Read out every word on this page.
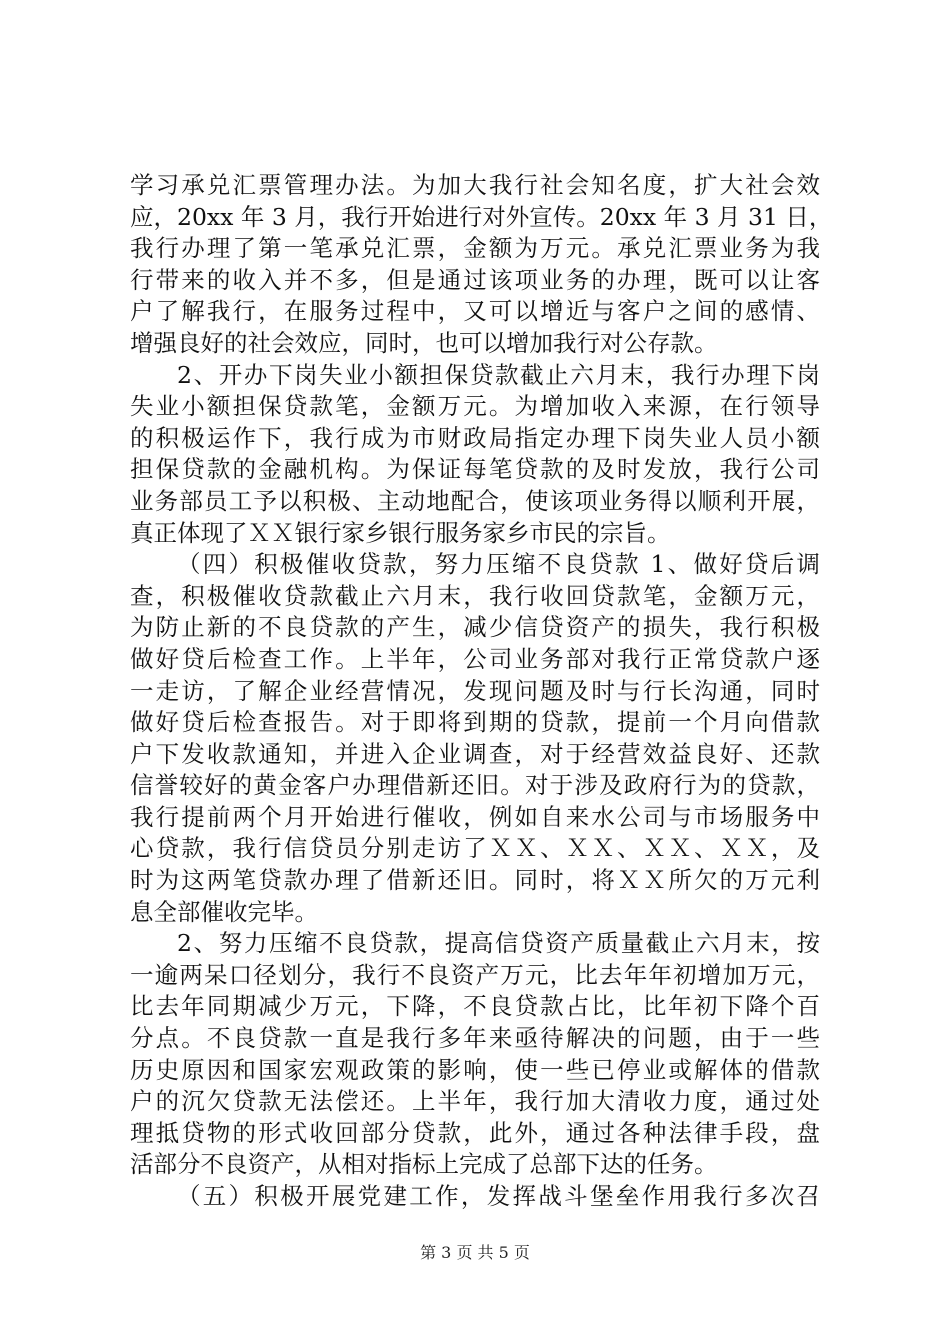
学习承兑汇票管理办法。为加大我行社会知名度，扩大社会效
应，20xx 年 3 月，我行开始进行对外宣传。20xx 年 3 月 31 日，
我行办理了第一笔承兑汇票，金额为万元。承兑汇票业务为我
行带来的收入并不多，但是通过该项业务的办理，既可以让客
户了解我行，在服务过程中，又可以增近与客户之间的感情、
增强良好的社会效应，同时，也可以增加我行对公存款。
2、开办下岗失业小额担保贷款截止六月末，我行办理下岗
失业小额担保贷款笔，金额万元。为增加收入来源，在行领导
的积极运作下，我行成为市财政局指定办理下岗失业人员小额
担保贷款的金融机构。为保证每笔贷款的及时发放，我行公司
业务部员工予以积极、主动地配合，使该项业务得以顺利开展，
真正体现了ＸＸ银行家乡银行服务家乡市民的宗旨。
（四）积极催收贷款，努力压缩不良贷款 1、做好贷后调
查，积极催收贷款截止六月末，我行收回贷款笔，金额万元，
为防止新的不良贷款的产生，减少信贷资产的损失，我行积极
做好贷后检查工作。上半年，公司业务部对我行正常贷款户逐
一走访，了解企业经营情况，发现问题及时与行长沟通，同时
做好贷后检查报告。对于即将到期的贷款，提前一个月向借款
户下发收款通知，并进入企业调查，对于经营效益良好、还款
信誉较好的黄金客户办理借新还旧。对于涉及政府行为的贷款，
我行提前两个月开始进行催收，例如自来水公司与市场服务中
心贷款，我行信贷员分别走访了ＸＸ、ＸＸ、ＸＸ、ＸＸ，及
时为这两笔贷款办理了借新还旧。同时，将ＸＸ所欠的万元利
息全部催收完毕。
2、努力压缩不良贷款，提高信贷资产质量截止六月末，按
一逾两呆口径划分，我行不良资产万元，比去年年初增加万元，
比去年同期减少万元，下降，不良贷款占比，比年初下降个百
分点。不良贷款一直是我行多年来亟待解决的问题，由于一些
历史原因和国家宏观政策的影响，使一些已停业或解体的借款
户的沉欠贷款无法偿还。上半年，我行加大清收力度，通过处
理抵贷物的形式收回部分贷款，此外，通过各种法律手段，盘
活部分不良资产，从相对指标上完成了总部下达的任务。
（五）积极开展党建工作，发挥战斗堡垒作用我行多次召
第 3 页 共 5 页
